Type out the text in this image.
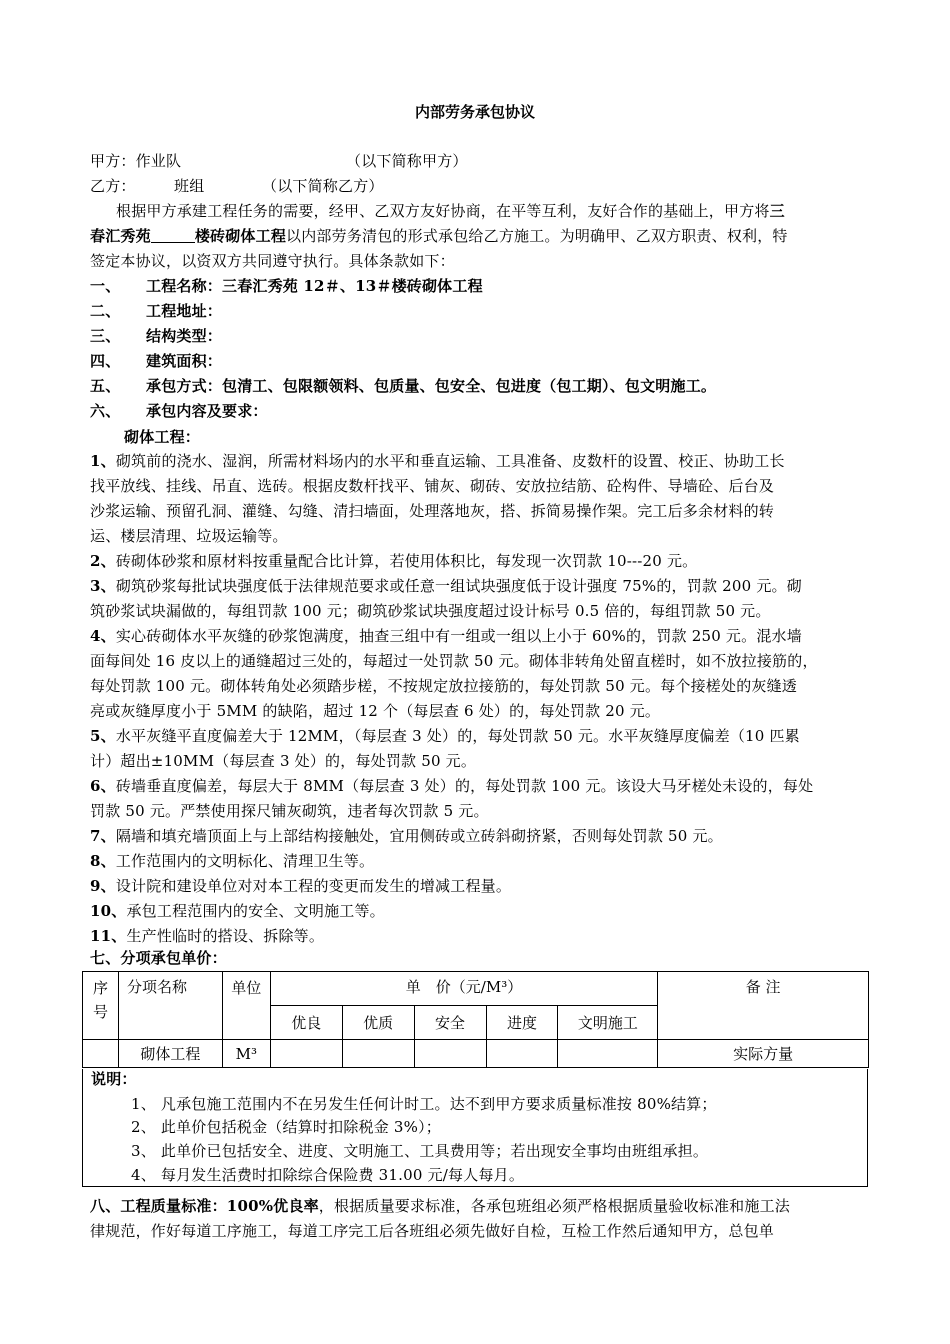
内部劳务承包协议
甲方：作业队	（以下简称甲方）
乙方：	班组	（以下简称乙方）
根据甲方承建工程任务的需要，经甲、乙双方友好协商，在平等互利，友好合作的基础上，甲方将三
春汇秀苑	楼砖砌体工程以内部劳务清包的形式承包给乙方施工。为明确甲、乙双方职责、权利，特
签定本协议，以资双方共同遵守执行。具体条款如下：
一、 工程名称：三春汇秀苑 12＃、13＃楼砖砌体工程
二、 工程地址：
三、 结构类型：
四、 建筑面积：
五、 承包方式：包清工、包限额领料、包质量、包安全、包进度（包工期）、包文明施工。
六、 承包内容及要求：
砌体工程：
1、砌筑前的浇水、湿润，所需材料场内的水平和垂直运输、工具准备、皮数杆的设置、校正、协助工长
找平放线、挂线、吊直、选砖。根据皮数杆找平、铺灰、砌砖、安放拉结筋、砼构件、导墙砼、后台及
沙浆运输、预留孔洞、灌缝、勾缝、清扫墙面，处理落地灰，搭、拆简易操作架。完工后多余材料的转
运、楼层清理、垃圾运输等。
2、砖砌体砂浆和原材料按重量配合比计算，若使用体积比，每发现一次罚款 10---20 元。
3、砌筑砂浆每批试块强度低于法律规范要求或任意一组试块强度低于设计强度 75%的，罚款 200 元。砌
筑砂浆试块漏做的，每组罚款 100 元；砌筑砂浆试块强度超过设计标号 0.5 倍的，每组罚款 50 元。
4、实心砖砌体水平灰缝的砂浆饱满度，抽查三组中有一组或一组以上小于 60%的，罚款 250 元。混水墙
面每间处 16 皮以上的通缝超过三处的，每超过一处罚款 50 元。砌体非转角处留直槎时，如不放拉接筋的，
每处罚款 100 元。砌体转角处必须踏步槎，不按规定放拉接筋的，每处罚款 50 元。每个接槎处的灰缝透
亮或灰缝厚度小于 5MM 的缺陷，超过 12 个（每层查 6 处）的，每处罚款 20 元。
5、水平灰缝平直度偏差大于 12MM，（每层查 3 处）的，每处罚款 50 元。水平灰缝厚度偏差（10 匹累
计）超出±10MM（每层查 3 处）的，每处罚款 50 元。
6、砖墙垂直度偏差，每层大于 8MM（每层查 3 处）的，每处罚款 100 元。该设大马牙槎处未设的，每处
罚款 50 元。严禁使用探尺铺灰砌筑，违者每次罚款 5 元。
7、隔墙和填充墙顶面上与上部结构接触处，宜用侧砖或立砖斜砌挤紧，否则每处罚款 50 元。
8、工作范围内的文明标化、清理卫生等。
9、设计院和建设单位对对本工程的变更而发生的增减工程量。
10、承包工程范围内的安全、文明施工等。
11、生产性临时的搭设、拆除等。
七、分项承包单价：
序号	分项名称	单位	单　价（元/M³）					备 注
			优良	优质	安全	进度	文明施工	
	砌体工程	M³						实际方量
说明：
1、 凡承包施工范围内不在另发生任何计时工。达不到甲方要求质量标准按 80%结算；
2、 此单价包括税金（结算时扣除税金 3%）；
3、 此单价已包括安全、进度、文明施工、工具费用等；若出现安全事均由班组承担。
4、 每月发生活费时扣除综合保险费 31.00 元/每人每月。
八、工程质量标准：100%优良率，根据质量要求标准，各承包班组必须严格根据质量验收标准和施工法
律规范，作好每道工序施工，每道工序完工后各班组必须先做好自检，互检工作然后通知甲方，总包单
